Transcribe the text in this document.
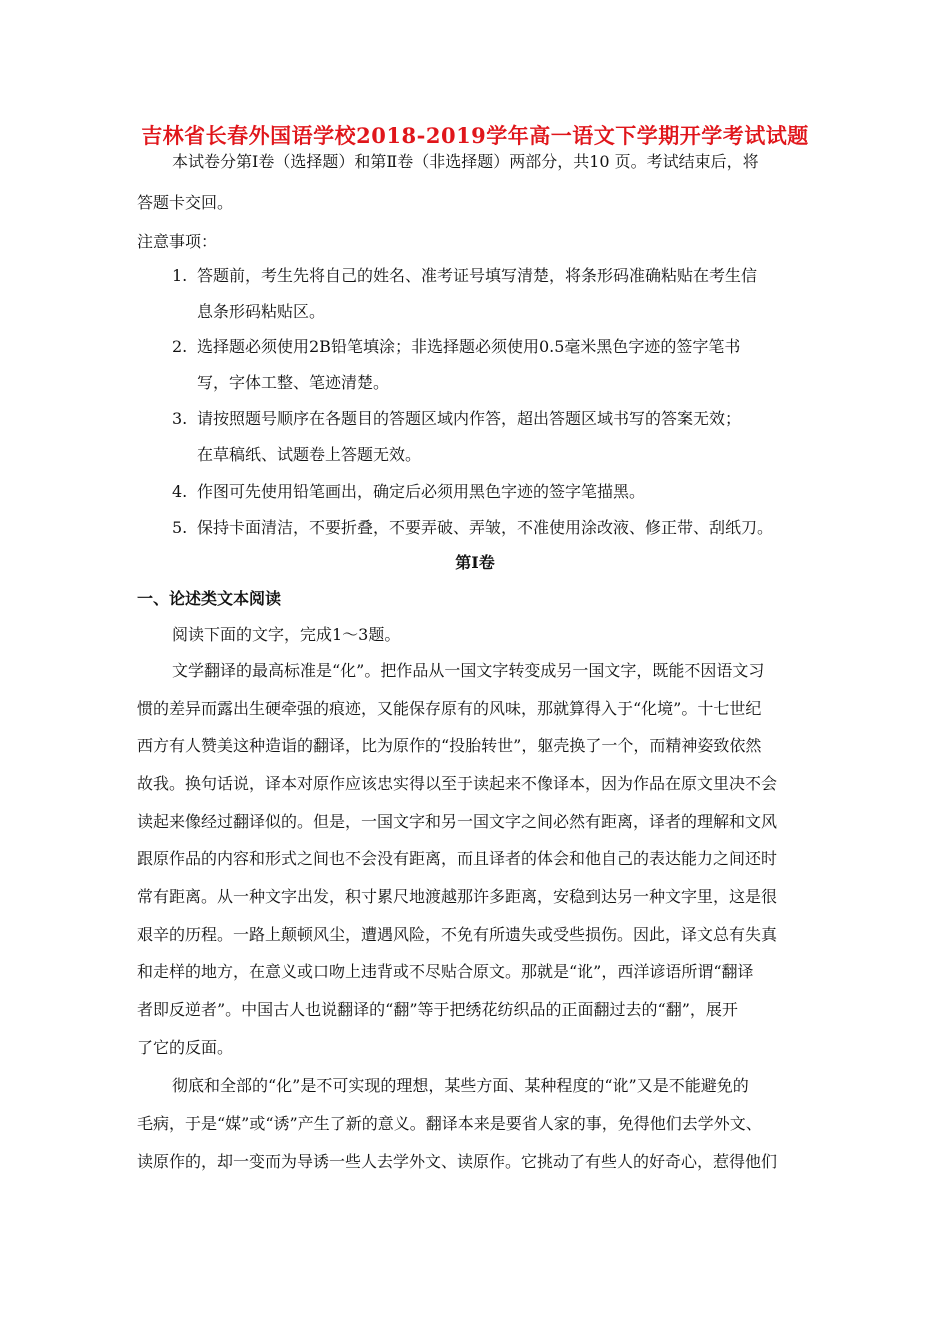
吉林省长春外国语学校2018-2019学年高一语文下学期开学考试试题
本试卷分第Ⅰ卷（选择题）和第Ⅱ卷（非选择题）两部分，共10 页。考试结束后，将
答题卡交回。
注意事项：
1. 答题前，考生先将自己的姓名、准考证号填写清楚，将条形码准确粘贴在考生信
息条形码粘贴区。
2. 选择题必须使用2B铅笔填涂；非选择题必须使用0.5毫米黑色字迹的签字笔书
写，字体工整、笔迹清楚。
3. 请按照题号顺序在各题目的答题区域内作答，超出答题区域书写的答案无效；
在草稿纸、试题卷上答题无效。
4. 作图可先使用铅笔画出，确定后必须用黑色字迹的签字笔描黑。
5. 保持卡面清洁，不要折叠，不要弄破、弄皱，不准使用涂改液、修正带、刮纸刀。
第Ⅰ卷
一、论述类文本阅读
阅读下面的文字，完成1～3题。
文学翻译的最高标准是“化”。把作品从一国文字转变成另一国文字，既能不因语文习
惯的差异而露出生硬牵强的痕迹，又能保存原有的风味，那就算得入于“化境”。十七世纪
西方有人赞美这种造诣的翻译，比为原作的“投胎转世”，躯壳换了一个，而精神姿致依然
故我。换句话说，译本对原作应该忠实得以至于读起来不像译本，因为作品在原文里决不会
读起来像经过翻译似的。但是，一国文字和另一国文字之间必然有距离，译者的理解和文风
跟原作品的内容和形式之间也不会没有距离，而且译者的体会和他自己的表达能力之间还时
常有距离。从一种文字出发，积寸累尺地渡越那许多距离，安稳到达另一种文字里，这是很
艰辛的历程。一路上颠顿风尘，遭遇风险，不免有所遗失或受些损伤。因此，译文总有失真
和走样的地方，在意义或口吻上违背或不尽贴合原文。那就是“讹”，西洋谚语所谓“翻译
者即反逆者”。中国古人也说翻译的“翻”等于把绣花纺织品的正面翻过去的“翻”，展开
了它的反面。
彻底和全部的“化”是不可实现的理想，某些方面、某种程度的“讹”又是不能避免的
毛病，于是“媒”或“诱”产生了新的意义。翻译本来是要省人家的事，免得他们去学外文、
读原作的，却一变而为导诱一些人去学外文、读原作。它挑动了有些人的好奇心，惹得他们
